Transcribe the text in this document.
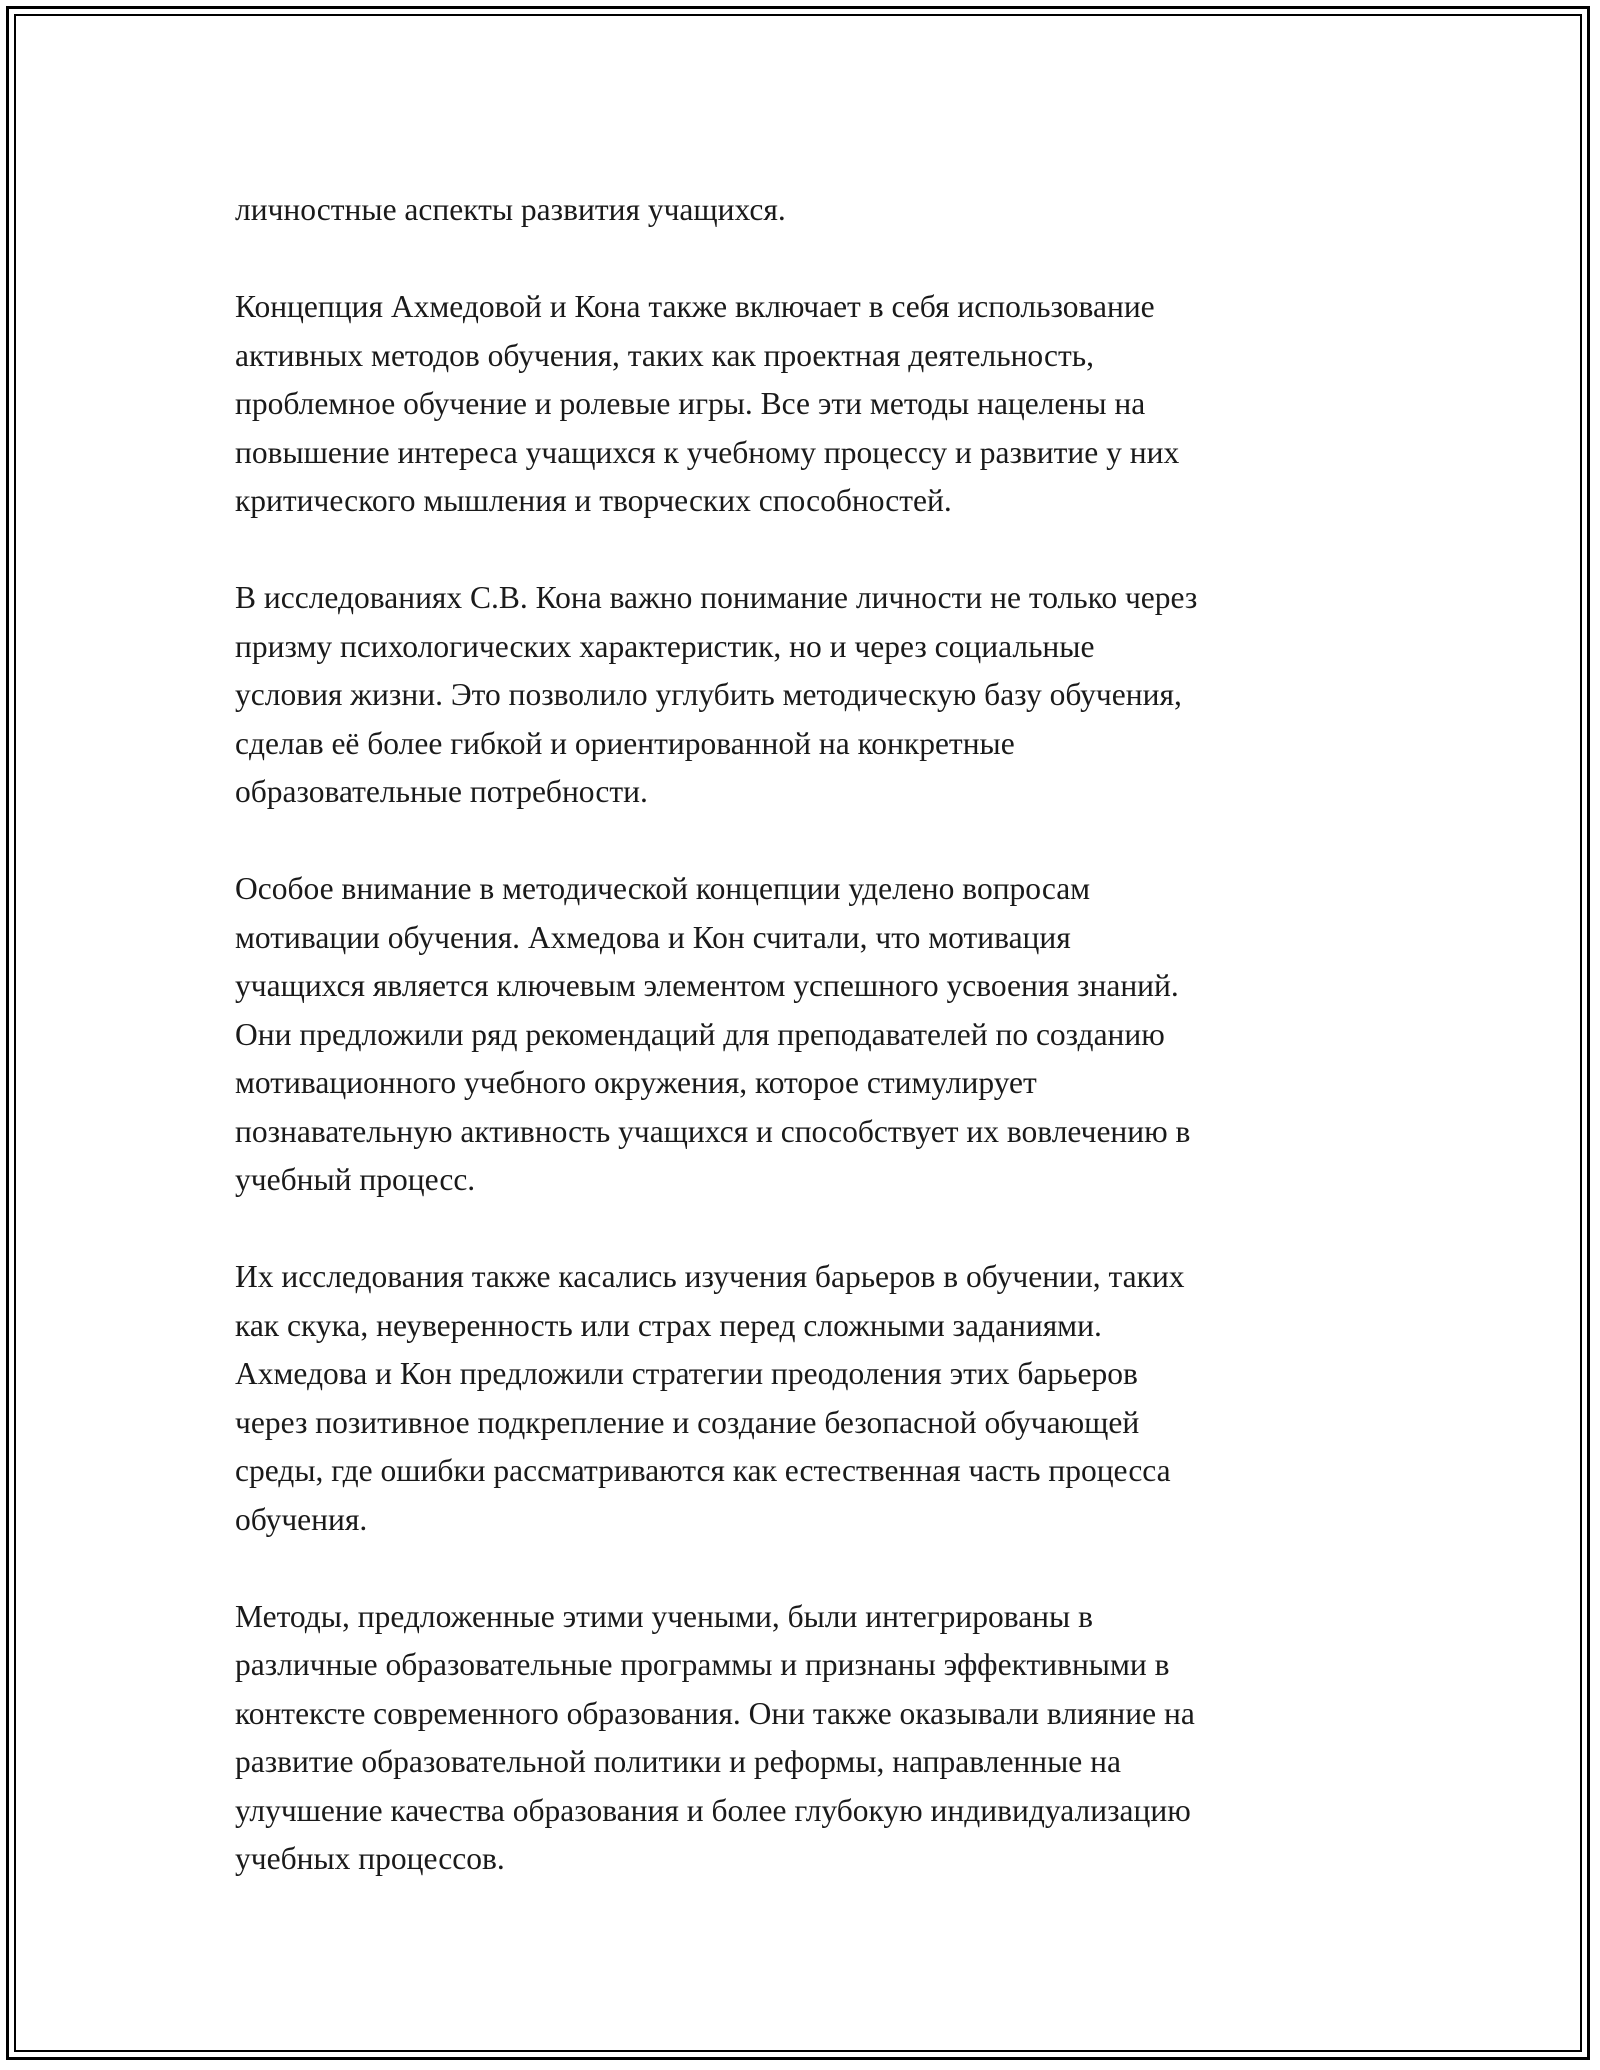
личностные аспекты развития учащихся.

Концепция Ахмедовой и Кона также включает в себя использование
активных методов обучения, таких как проектная деятельность,
проблемное обучение и ролевые игры. Все эти методы нацелены на
повышение интереса учащихся к учебному процессу и развитие у них
критического мышления и творческих способностей.

В исследованиях С.В. Кона важно понимание личности не только через
призму психологических характеристик, но и через социальные
условия жизни. Это позволило углубить методическую базу обучения,
сделав её более гибкой и ориентированной на конкретные
образовательные потребности.

Особое внимание в методической концепции уделено вопросам
мотивации обучения. Ахмедова и Кон считали, что мотивация
учащихся является ключевым элементом успешного усвоения знаний.
Они предложили ряд рекомендаций для преподавателей по созданию
мотивационного учебного окружения, которое стимулирует
познавательную активность учащихся и способствует их вовлечению в
учебный процесс.

Их исследования также касались изучения барьеров в обучении, таких
как скука, неуверенность или страх перед сложными заданиями.
Ахмедова и Кон предложили стратегии преодоления этих барьеров
через позитивное подкрепление и создание безопасной обучающей
среды, где ошибки рассматриваются как естественная часть процесса
обучения.

Методы, предложенные этими учеными, были интегрированы в
различные образовательные программы и признаны эффективными в
контексте современного образования. Они также оказывали влияние на
развитие образовательной политики и реформы, направленные на
улучшение качества образования и более глубокую индивидуализацию
учебных процессов.
